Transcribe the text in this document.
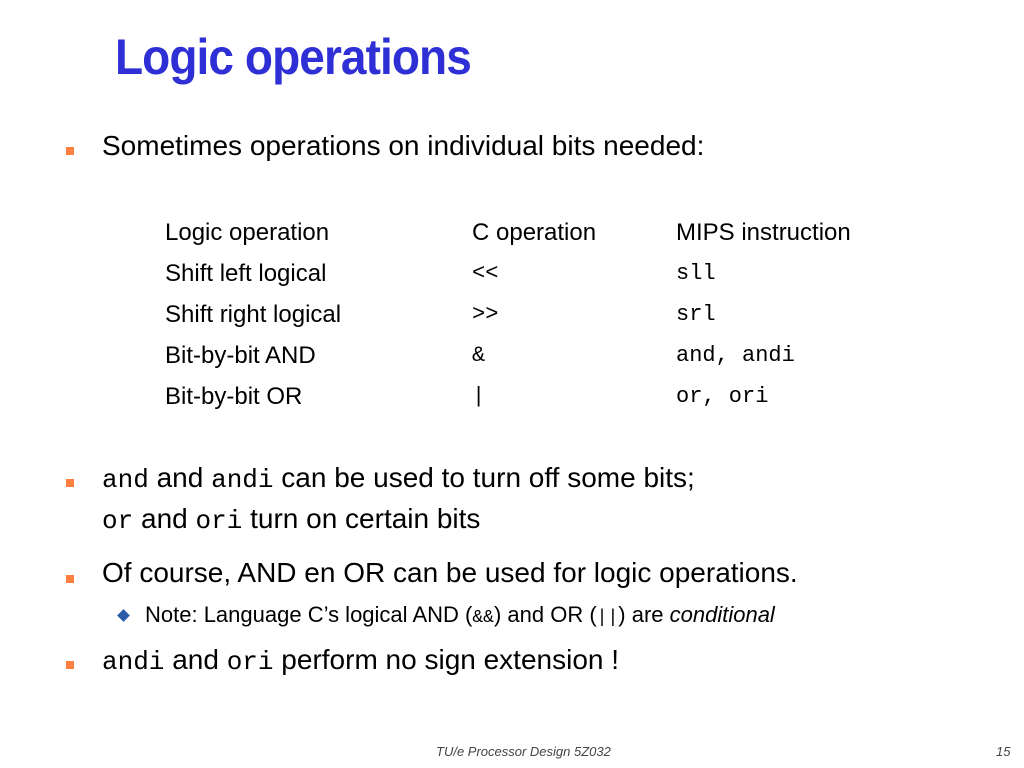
Logic operations
Sometimes operations on individual bits needed:
Logic operation	C operation	MIPS instruction
Shift left logical	<<	sll
Shift right logical	>>	srl
Bit-by-bit AND	&	and, andi
Bit-by-bit OR	|	or, ori
and and andi can be used to turn off some bits;
or and ori turn on certain bits
Of course, AND en OR can be used for logic operations.
Note: Language C’s logical AND (&&) and OR (||) are conditional
andi and ori perform no sign extension !
TU/e Processor Design 5Z032	15
